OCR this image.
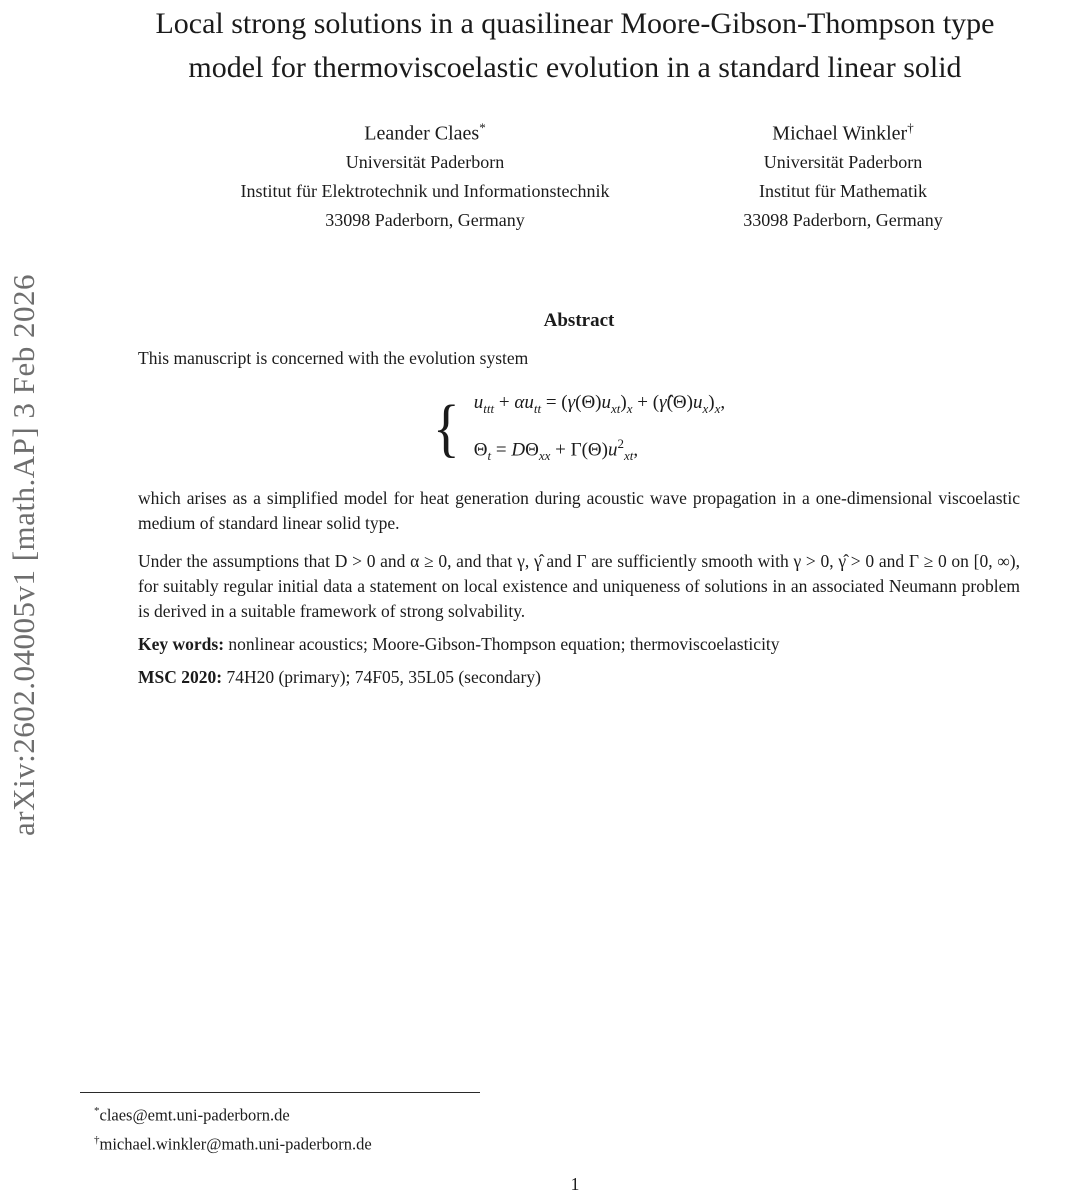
arXiv:2602.04005v1 [math.AP] 3 Feb 2026
Local strong solutions in a quasilinear Moore-Gibson-Thompson type
model for thermoviscoelastic evolution in a standard linear solid
Leander Claes*
Universität Paderborn
Institut für Elektrotechnik und Informationstechnik
33098 Paderborn, Germany
Michael Winkler†
Universität Paderborn
Institut für Mathematik
33098 Paderborn, Germany
Abstract

This manuscript is concerned with the evolution system

{ $u_{ttt} + \alpha u_{tt} = (\gamma(\Theta)u_{xt})_x$ + $(\gammâ(\Theta)u_x)_x$,
$\Theta_t = D\Theta_{xx} + \Gamma(\Theta)u^2_{xt}$,

which arises as a simplified model for heat generation during acoustic wave propagation in a one-dimensional viscoelastic medium of standard linear solid type.

Under the assumptions that D > 0 and α ≥ 0, and that γ, γ̂ and Γ are sufficiently smooth with γ > 0, γ̂ > 0 and Γ ≥ 0 on [0, ∞), for suitably regular initial data a statement on local existence and uniqueness of solutions in an associated Neumann problem is derived in a suitable framework of strong solvability.

Key words: nonlinear acoustics; Moore-Gibson-Thompson equation; thermoviscoelasticity

MSC 2020: 74H20 (primary); 74F05, 35L05 (secondary)

*claes@emt.uni-paderborn.de
†michael.winkler@math.uni-paderborn.de
1
